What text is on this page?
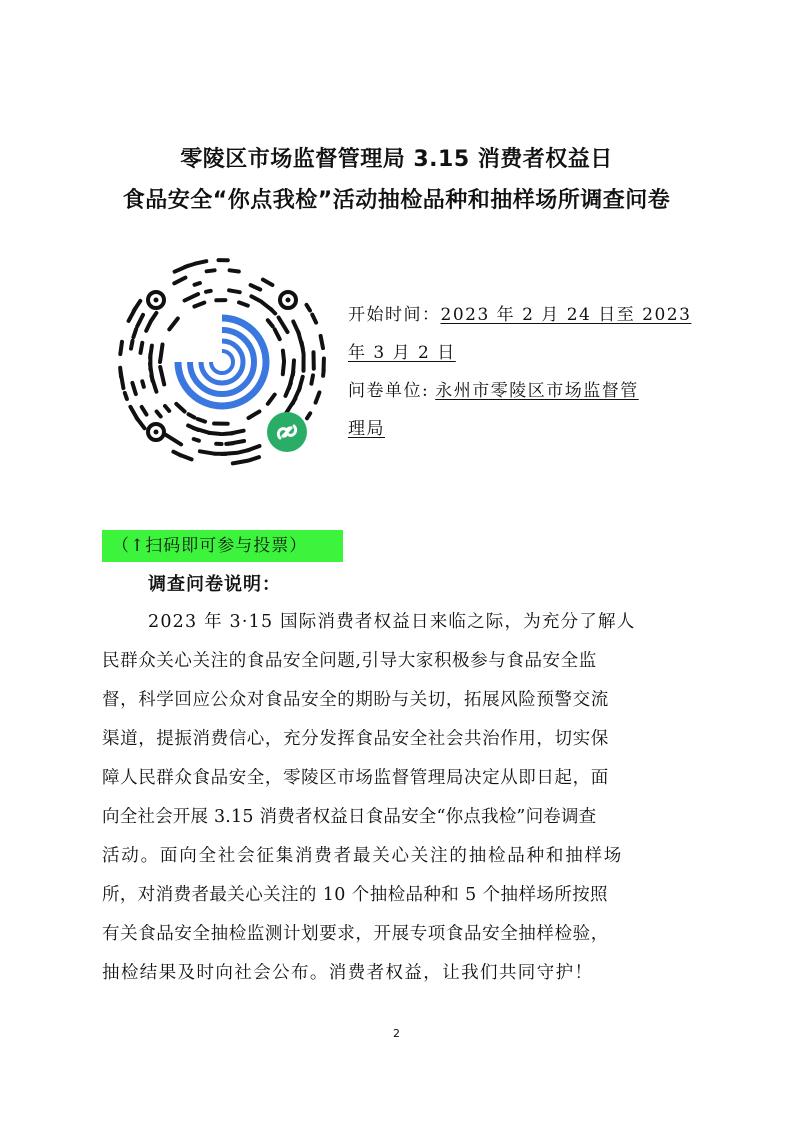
零陵区市场监督管理局 3.15 消费者权益日
食品安全“你点我检”活动抽检品种和抽样场所调查问卷
开始时间：2023 年 2 月 24 日至 2023
年 3 月 2 日
问卷单位: 永州市零陵区市场监督管
理局
（↑扫码即可参与投票）
调查问卷说明：
2023 年 3·15 国际消费者权益日来临之际，为充分了解人
民群众关心关注的食品安全问题,引导大家积极参与食品安全监
督，科学回应公众对食品安全的期盼与关切，拓展风险预警交流
渠道，提振消费信心，充分发挥食品安全社会共治作用，切实保
障人民群众食品安全，零陵区市场监督管理局决定从即日起，面
向全社会开展 3.15 消费者权益日食品安全“你点我检”问卷调查
活动。面向全社会征集消费者最关心关注的抽检品种和抽样场
所，对消费者最关心关注的 10 个抽检品种和 5 个抽样场所按照
有关食品安全抽检监测计划要求，开展专项食品安全抽样检验，
抽检结果及时向社会公布。消费者权益，让我们共同守护！
2
